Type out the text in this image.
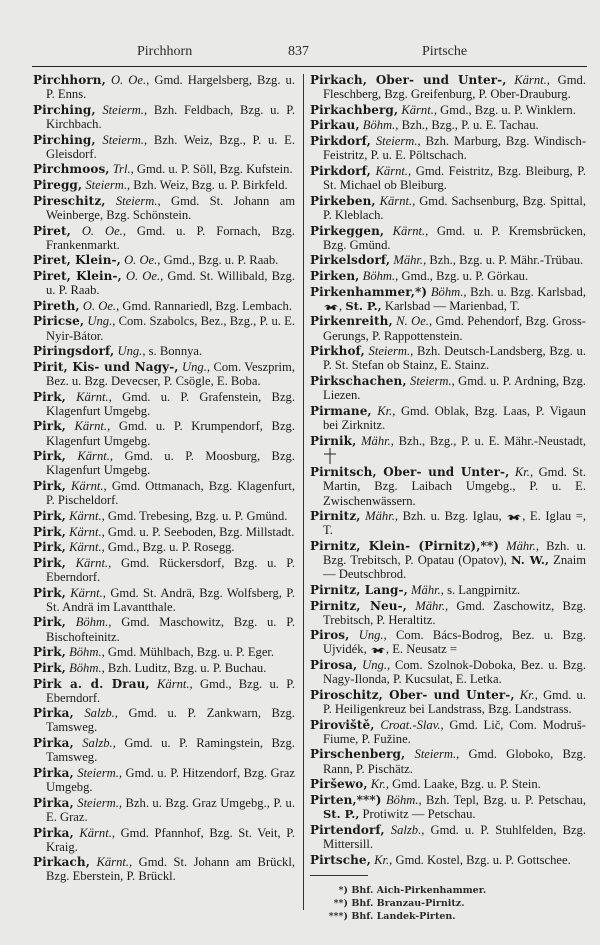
Pirchhorn	837	Pirtsche
Pirchhorn, O. Oe., Gmd. Hargelsberg, Bzg. u. P. Enns.
Pirching, Steierm., Bzh. Feldbach, Bzg. u. P. Kirchbach.
Pirching, Steierm., Bzh. Weiz, Bzg., P. u. E. Gleisdorf.
Pirchmoos, Trl., Gmd. u. P. Söll, Bzg. Kufstein.
Piregg, Steierm., Bzh. Weiz, Bzg. u. P. Birkfeld.
Pireschitz, Steierm., Gmd. St. Johann am Weinberge, Bzg. Schönstein.
Piret, O. Oe., Gmd. u. P. Fornach, Bzg. Frankenmarkt.
Piret, Klein-, O. Oe., Gmd., Bzg. u. P. Raab.
Piret, Klein-, O. Oe., Gmd. St. Willibald, Bzg. u. P. Raab.
Pireth, O. Oe., Gmd. Rannariedl, Bzg. Lembach.
Piricse, Ung., Com. Szabolcs, Bez., Bzg., P. u. E. Nyir-Bátor.
Piringsdorf, Ung., s. Bonnya.
Pirit, Kis- und Nagy-, Ung., Com. Veszprim, Bez. u. Bzg. Devecser, P. Csögle, E. Boba.
Pirk, Kärnt., Gmd. u. P. Grafenstein, Bzg. Klagenfurt Umgebg.
Pirk, Kärnt., Gmd. u. P. Krumpendorf, Bzg. Klagenfurt Umgebg.
Pirk, Kärnt., Gmd. u. P. Moosburg, Bzg. Klagenfurt Umgebg.
Pirk, Kärnt., Gmd. Ottmanach, Bzg. Klagenfurt, P. Pischeldorf.
Pirk, Kärnt., Gmd. Trebesing, Bzg. u. P. Gmünd.
Pirk, Kärnt., Gmd. u. P. Seeboden, Bzg. Millstadt.
Pirk, Kärnt., Gmd., Bzg. u. P. Rosegg.
Pirk, Kärnt., Gmd. Rückersdorf, Bzg. u. P. Eberndorf.
Pirk, Kärnt., Gmd. St. Andrä, Bzg. Wolfsberg, P. St. Andrä im Lavantthale.
Pirk, Böhm., Gmd. Maschowitz, Bzg. u. P. Bischofteinitz.
Pirk, Böhm., Gmd. Mühlbach, Bzg. u. P. Eger.
Pirk, Böhm., Bzh. Luditz, Bzg. u. P. Buchau.
Pirk a. d. Drau, Kärnt., Gmd., Bzg. u. P. Eberndorf.
Pirka, Salzb., Gmd. u. P. Zankwarn, Bzg. Tamsweg.
Pirka, Salzb., Gmd. u. P. Ramingstein, Bzg. Tamsweg.
Pirka, Steierm., Gmd. u. P. Hitzendorf, Bzg. Graz Umgebg.
Pirka, Steierm., Bzh. u. Bzg. Graz Umgebg., P. u. E. Graz.
Pirka, Kärnt., Gmd. Pfannhof, Bzg. St. Veit, P. Kraig.
Pirkach, Kärnt., Gmd. St. Johann am Brückl, Bzg. Eberstein, P. Brückl.
Pirkach, Ober- und Unter-, Kärnt., Gmd. Fleschberg, Bzg. Greifenburg, P. Ober-Drauburg.
Pirkachberg, Kärnt., Gmd., Bzg. u. P. Winklern.
Pirkau, Böhm., Bzh., Bzg., P. u. E. Tachau.
Pirkdorf, Steierm., Bzh. Marburg, Bzg. Windisch-Feistritz, P. u. E. Pöltschach.
Pirkdorf, Kärnt., Gmd. Feistritz, Bzg. Bleiburg, P. St. Michael ob Bleiburg.
Pirkeben, Kärnt., Gmd. Sachsenburg, Bzg. Spittal, P. Kleblach.
Pirkeggen, Kärnt., Gmd. u. P. Kremsbrücken, Bzg. Gmünd.
Pirkelsdorf, Mähr., Bzh., Bzg. u. P. Mähr.-Trübau.
Pirken, Böhm., Gmd., Bzg. u. P. Görkau.
Pirkenhammer,*) Böhm., Bzh. u. Bzg. Karlsbad, , St. P., Karlsbad — Marienbad, T.
Pirkenreith, N. Oe., Gmd. Pehendorf, Bzg. Gross-Gerungs, P. Rappottenstein.
Pirkhof, Steierm., Bzh. Deutsch-Landsberg, Bzg. u. P. St. Stefan ob Stainz, E. Stainz.
Pirkschachen, Steierm., Gmd. u. P. Ardning, Bzg. Liezen.
Pirmane, Kr., Gmd. Oblak, Bzg. Laas, P. Vigaun bei Zirknitz.
Pirnik, Mähr., Bzh., Bzg., P. u. E. Mähr.-Neustadt,
Pirnitsch, Ober- und Unter-, Kr., Gmd. St. Martin, Bzg. Laibach Umgebg., P. u. E. Zwischenwässern.
Pirnitz, Mähr., Bzh. u. Bzg. Iglau, , E. Iglau =, T.
Pirnitz, Klein- (Pirnitz),**) Mähr., Bzh. u. Bzg. Trebitsch, P. Opatau (Opatov), N. W., Znaim — Deutschbrod.
Pirnitz, Lang-, Mähr., s. Langpirnitz.
Pirnitz, Neu-, Mähr., Gmd. Zaschowitz, Bzg. Trebitsch, P. Heraltitz.
Piros, Ung., Com. Bács-Bodrog, Bez. u. Bzg. Ujvidék, , E. Neusatz =
Pirosa, Ung., Com. Szolnok-Doboka, Bez. u. Bzg. Nagy-Ilonda, P. Kucsulat, E. Letka.
Piroschitz, Ober- und Unter-, Kr., Gmd. u. P. Heiligenkreuz bei Landstrass, Bzg. Landstrass.
Piroviště, Croat.-Slav., Gmd. Lič, Com. Modruš-Fiume, P. Fužine.
Pirschenberg, Steierm., Gmd. Globoko, Bzg. Rann, P. Pischätz.
Piršewo, Kr., Gmd. Laake, Bzg. u. P. Stein.
Pirten,***) Böhm., Bzh. Tepl, Bzg. u. P. Petschau, St. P., Protiwitz — Petschau.
Pirtendorf, Salzb., Gmd. u. P. Stuhlfelden, Bzg. Mittersill.
Pirtsche, Kr., Gmd. Kostel, Bzg. u. P. Gottschee.
*) Bhf. Aich-Pirkenhammer.
**) Bhf. Branzau-Pirnitz.
***) Bhf. Landek-Pirten.
